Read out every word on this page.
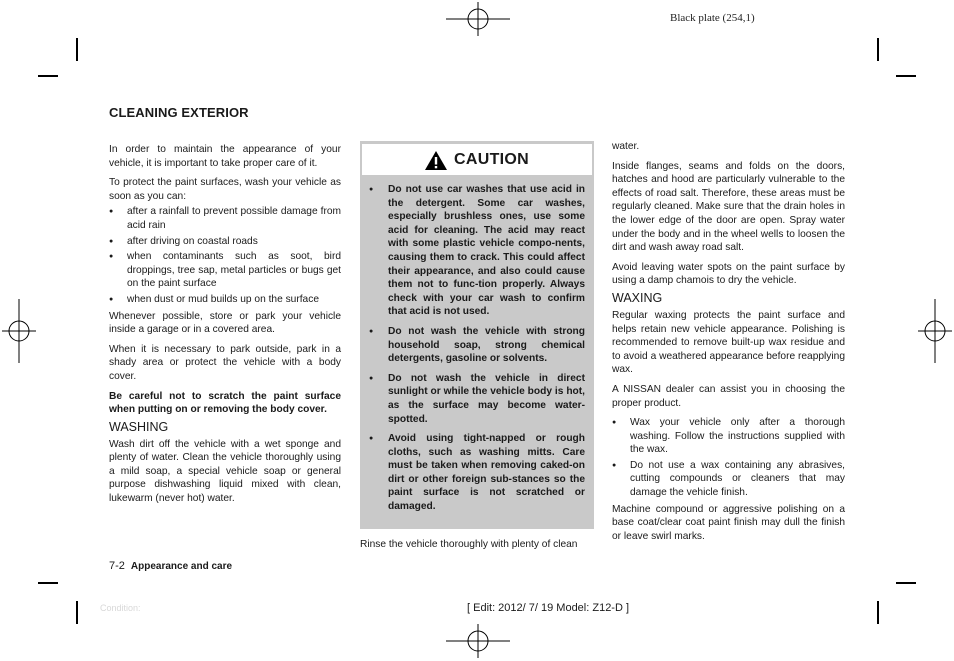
Black plate (254,1)
CLEANING EXTERIOR

In order to maintain the appearance of your vehicle, it is important to take proper care of it.

To protect the paint surfaces, wash your vehicle as soon as you can:

● after a rainfall to prevent possible damage from acid rain
● after driving on coastal roads
● when contaminants such as soot, bird droppings, tree sap, metal particles or bugs get on the paint surface
● when dust or mud builds up on the surface

Whenever possible, store or park your vehicle inside a garage or in a covered area.

When it is necessary to park outside, park in a shady area or protect the vehicle with a body cover.

Be careful not to scratch the paint surface when putting on or removing the body cover.

WASHING

Wash dirt off the vehicle with a wet sponge and plenty of water. Clean the vehicle thoroughly using a mild soap, a special vehicle soap or general purpose dishwashing liquid mixed with clean, lukewarm (never hot) water.

CAUTION
● Do not use car washes that use acid in the detergent. Some car washes, especially brushless ones, use some acid for cleaning. The acid may react with some plastic vehicle compo-nents, causing them to crack. This could affect their appearance, and also could cause them not to func-tion properly. Always check with your car wash to confirm that acid is not used.
● Do not wash the vehicle with strong household soap, strong chemical detergents, gasoline or solvents.
● Do not wash the vehicle in direct sunlight or while the vehicle body is hot, as the surface may become water-spotted.
● Avoid using tight-napped or rough cloths, such as washing mitts. Care must be taken when removing caked-on dirt or other foreign sub-stances so the paint surface is not scratched or damaged.
Rinse the vehicle thoroughly with plenty of clean

water.

Inside flanges, seams and folds on the doors, hatches and hood are particularly vulnerable to the effects of road salt. Therefore, these areas must be regularly cleaned. Make sure that the drain holes in the lower edge of the door are open. Spray water under the body and in the wheel wells to loosen the dirt and wash away road salt.

Avoid leaving water spots on the paint surface by using a damp chamois to dry the vehicle.

WAXING

Regular waxing protects the paint surface and helps retain new vehicle appearance. Polishing is recommended to remove built-up wax residue and to avoid a weathered appearance before reapplying wax.

A NISSAN dealer can assist you in choosing the proper product.

● Wax your vehicle only after a thorough washing. Follow the instructions supplied with the wax.
● Do not use a wax containing any abrasives, cutting compounds or cleaners that may damage the vehicle finish.

Machine compound or aggressive polishing on a base coat/clear coat paint finish may dull the finish or leave swirl marks.

7-2 Appearance and care
Condition:	[ Edit: 2012/ 7/ 19 Model: Z12-D ]
